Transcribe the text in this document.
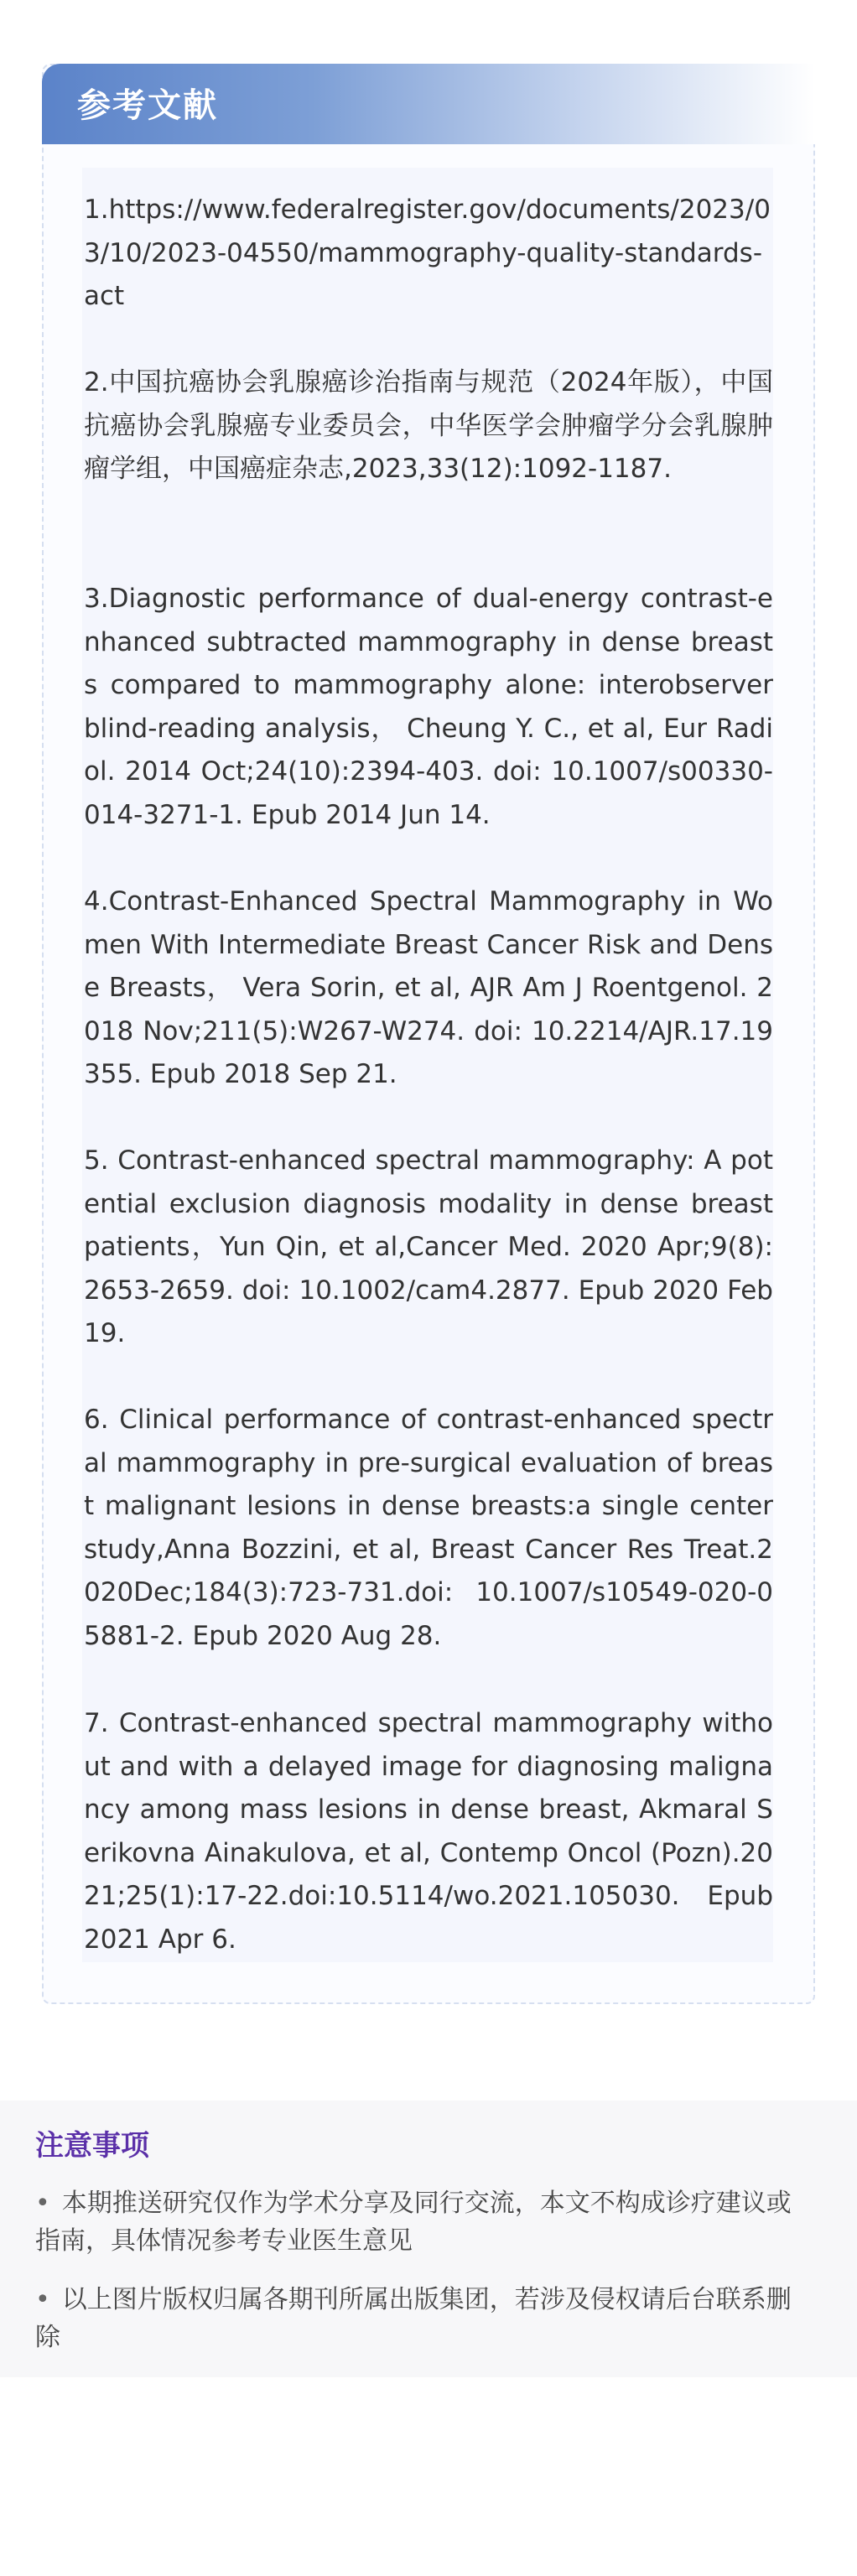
参考文献

1.https://www.federalregister.gov/documents/2023/03/10/2023-04550/mammography-quality-standards-act

2.中国抗癌协会乳腺癌诊治指南与规范（2024年版），中国抗癌协会乳腺癌专业委员会，中华医学会肿瘤学分会乳腺肿瘤学组，中国癌症杂志,2023,33(12):1092-1187.

3.Diagnostic performance of dual-energy contrast-enhanced subtracted mammography in dense breasts compared to mammography alone: interobserver blind-reading analysis， Cheung Y. C., et al, Eur Radiol. 2014 Oct;24(10):2394-403. doi: 10.1007/s00330-014-3271-1. Epub 2014 Jun 14.

4.Contrast-Enhanced Spectral Mammography in Women With Intermediate Breast Cancer Risk and Dense Breasts， Vera Sorin, et al, AJR Am J Roentgenol. 2018 Nov;211(5):W267-W274. doi: 10.2214/AJR.17.19355. Epub 2018 Sep 21.

5. Contrast-enhanced spectral mammography: A potential exclusion diagnosis modality in dense breast patients，Yun Qin, et al,Cancer Med. 2020 Apr;9(8):2653-2659. doi: 10.1002/cam4.2877. Epub 2020 Feb 19.

6. Clinical performance of contrast-enhanced spectral mammography in pre-surgical evaluation of breast malignant lesions in dense breasts:a single center study,Anna Bozzini, et al, Breast Cancer Res Treat.2020Dec;184(3):723-731.doi: 10.1007/s10549-020-05881-2. Epub 2020 Aug 28.

7. Contrast-enhanced spectral mammography without and with a delayed image for diagnosing malignancy among mass lesions in dense breast, Akmaral Serikovna Ainakulova, et al, Contemp Oncol (Pozn).2021;25(1):17-22.doi:10.5114/wo.2021.105030. Epub 2021 Apr 6.

注意事项

• 本期推送研究仅作为学术分享及同行交流，本文不构成诊疗建议或指南，具体情况参考专业医生意见

• 以上图片版权归属各期刊所属出版集团，若涉及侵权请后台联系删除
